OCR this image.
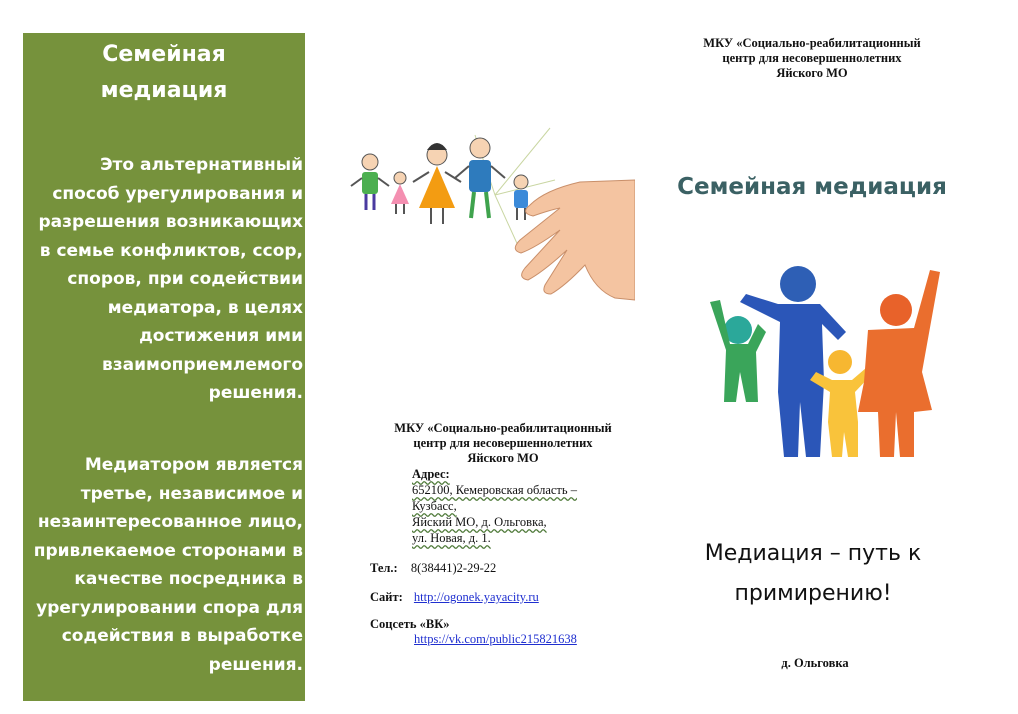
Семейная
медиация
Это альтернативный
способ урегулирования и
разрешения возникающих
в семье конфликтов, ссор,
споров, при содействии
медиатора, в целях
достижения ими
взаимоприемлемого
решения.
Медиатором является
третье, независимое и
незаинтересованное лицо,
привлекаемое сторонами в
качестве посредника в
урегулировании спора для
содействия в выработке
решения.
МКУ «Социально-реабилитационный
центр для несовершеннолетних
Яйского МО
Адрес:
652100, Кемеровская область –
Кузбасс,
Яйский МО, д. Ольговка,
ул. Новая, д. 1.
Тел.: 8(38441)2-29-22
Сайт: http://ogonek.yayacity.ru
Соцсеть «ВК»
https://vk.com/public215821638
МКУ «Социально-реабилитационный
центр для несовершеннолетних
Яйского МО
Семейная медиация
Медиация – путь к
примирению!
д. Ольговка
